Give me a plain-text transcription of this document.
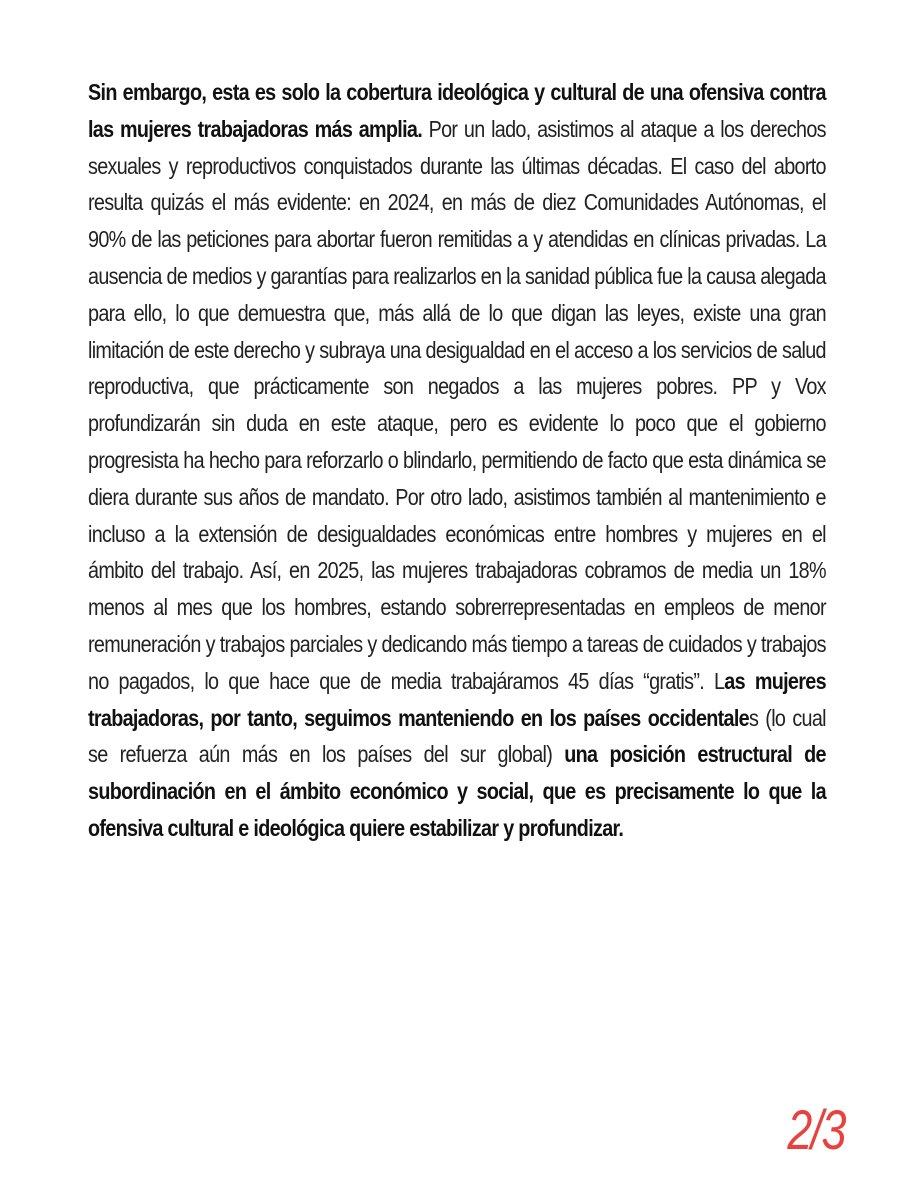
Sin embargo, esta es solo la cobertura ideológica y cultural de una ofensiva contra las mujeres trabajadoras más amplia. Por un lado, asistimos al ataque a los derechos sexuales y reproductivos conquistados durante las últimas décadas. El caso del aborto resulta quizás el más evidente: en 2024, en más de diez Comunidades Autónomas, el 90% de las peticiones para abortar fueron remitidas a y atendidas en clínicas privadas. La ausencia de medios y garantías para realizarlos en la sanidad pública fue la causa alegada para ello, lo que demuestra que, más allá de lo que digan las leyes, existe una gran limitación de este derecho y subraya una desigualdad en el acceso a los servicios de salud reproductiva, que prácticamente son negados a las mujeres pobres. PP y Vox profundizarán sin duda en este ataque, pero es evidente lo poco que el gobierno progresista ha hecho para reforzarlo o blindarlo, permitiendo de facto que esta dinámica se diera durante sus años de mandato. Por otro lado, asistimos también al mantenimiento e incluso a la extensión de desigualdades económicas entre hombres y mujeres en el ámbito del trabajo. Así, en 2025, las mujeres trabajadoras cobramos de media un 18% menos al mes que los hombres, estando sobrerrepresentadas en empleos de menor remuneración y trabajos parciales y dedicando más tiempo a tareas de cuidados y trabajos no pagados, lo que hace que de media trabajáramos 45 días “gratis”. Las mujeres trabajadoras, por tanto, seguimos manteniendo en los países occidentales (lo cual se refuerza aún más en los países del sur global) una posición estructural de subordinación en el ámbito económico y social, que es precisamente lo que la ofensiva cultural e ideológica quiere estabilizar y profundizar.

2/3
